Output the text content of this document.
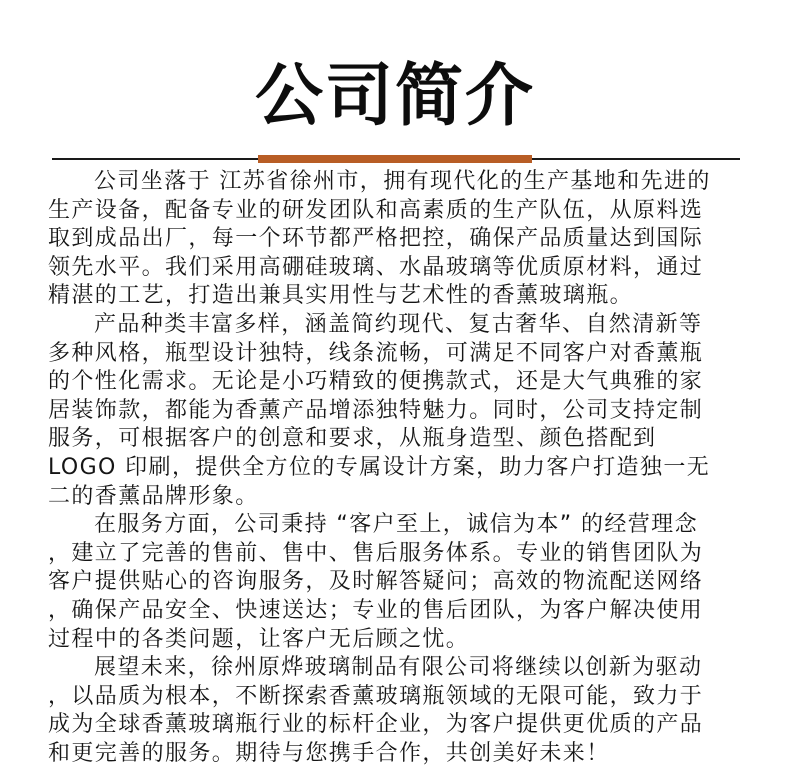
公司简介
公司坐落于 江苏省徐州市，拥有现代化的生产基地和先进的
生产设备，配备专业的研发团队和高素质的生产队伍，从原料选
取到成品出厂，每一个环节都严格把控，确保产品质量达到国际
领先水平。我们采用高硼硅玻璃、水晶玻璃等优质原材料，通过
精湛的工艺，打造出兼具实用性与艺术性的香薰玻璃瓶。
产品种类丰富多样，涵盖简约现代、复古奢华、自然清新等
多种风格，瓶型设计独特，线条流畅，可满足不同客户对香薰瓶
的个性化需求。无论是小巧精致的便携款式，还是大气典雅的家
居装饰款，都能为香薰产品增添独特魅力。同时，公司支持定制
服务，可根据客户的创意和要求，从瓶身造型、颜色搭配到
LOGO 印刷，提供全方位的专属设计方案，助力客户打造独一无
二的香薰品牌形象。
在服务方面，公司秉持 “客户至上，诚信为本” 的经营理念
，建立了完善的售前、售中、售后服务体系。专业的销售团队为
客户提供贴心的咨询服务，及时解答疑问；高效的物流配送网络
，确保产品安全、快速送达；专业的售后团队，为客户解决使用
过程中的各类问题，让客户无后顾之忧。
展望未来，徐州原烨玻璃制品有限公司将继续以创新为驱动
，以品质为根本，不断探索香薰玻璃瓶领域的无限可能，致力于
成为全球香薰玻璃瓶行业的标杆企业，为客户提供更优质的产品
和更完善的服务。期待与您携手合作，共创美好未来！
